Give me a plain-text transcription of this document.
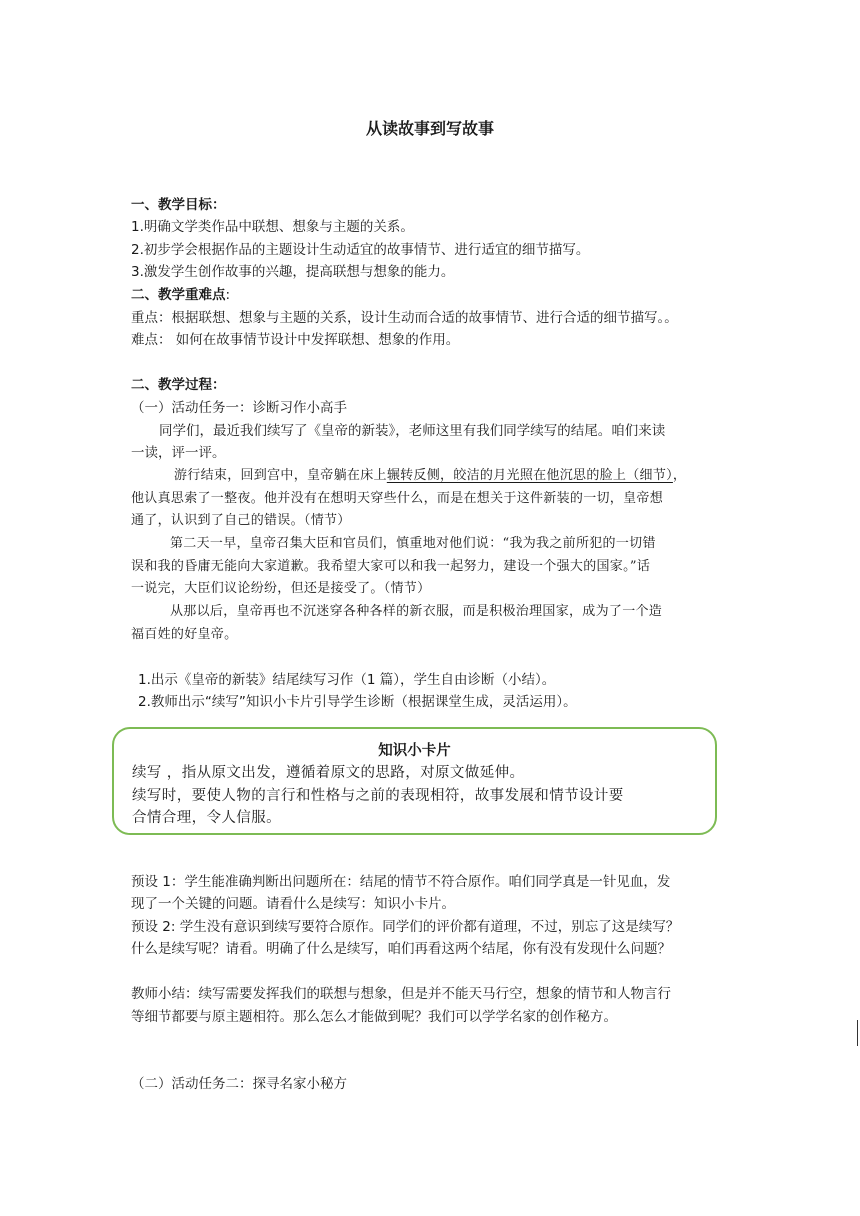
从读故事到写故事
一、教学目标：
1.明确文学类作品中联想、想象与主题的关系。
2.初步学会根据作品的主题设计生动适宜的故事情节、进行适宜的细节描写。
3.激发学生创作故事的兴趣，提高联想与想象的能力。
二、教学重难点:
重点：根据联想、想象与主题的关系，设计生动而合适的故事情节、进行合适的细节描写。。
难点： 如何在故事情节设计中发挥联想、想象的作用。
二、教学过程：
（一）活动任务一：诊断习作小高手
同学们，最近我们续写了《皇帝的新装》，老师这里有我们同学续写的结尾。咱们来读
一读，评一评。
游行结束，回到宫中，皇帝躺在床上辗转反侧，皎洁的月光照在他沉思的脸上（细节），
他认真思索了一整夜。他并没有在想明天穿些什么，而是在想关于这件新装的一切，皇帝想
通了，认识到了自己的错误。（情节）
第二天一早，皇帝召集大臣和官员们，慎重地对他们说：“我为我之前所犯的一切错
误和我的昏庸无能向大家道歉。我希望大家可以和我一起努力，建设一个强大的国家。”话
一说完，大臣们议论纷纷，但还是接受了。（情节）
从那以后，皇帝再也不沉迷穿各种各样的新衣服，而是积极治理国家，成为了一个造
福百姓的好皇帝。
1.出示《皇帝的新装》结尾续写习作（1 篇），学生自由诊断（小结）。
2.教师出示“续写”知识小卡片引导学生诊断（根据课堂生成，灵活运用）。
知识小卡片
续写 ，指从原文出发，遵循着原文的思路，对原文做延伸。
续写时，要使人物的言行和性格与之前的表现相符，故事发展和情节设计要
合情合理，令人信服。
预设 1：学生能准确判断出问题所在：结尾的情节不符合原作。咱们同学真是一针见血，发
现了一个关键的问题。请看什么是续写：知识小卡片。
预设 2: 学生没有意识到续写要符合原作。同学们的评价都有道理，不过，别忘了这是续写？
什么是续写呢？请看。明确了什么是续写，咱们再看这两个结尾，你有没有发现什么问题？
教师小结：续写需要发挥我们的联想与想象，但是并不能天马行空，想象的情节和人物言行
等细节都要与原主题相符。那么怎么才能做到呢？我们可以学学名家的创作秘方。
（二）活动任务二：探寻名家小秘方
